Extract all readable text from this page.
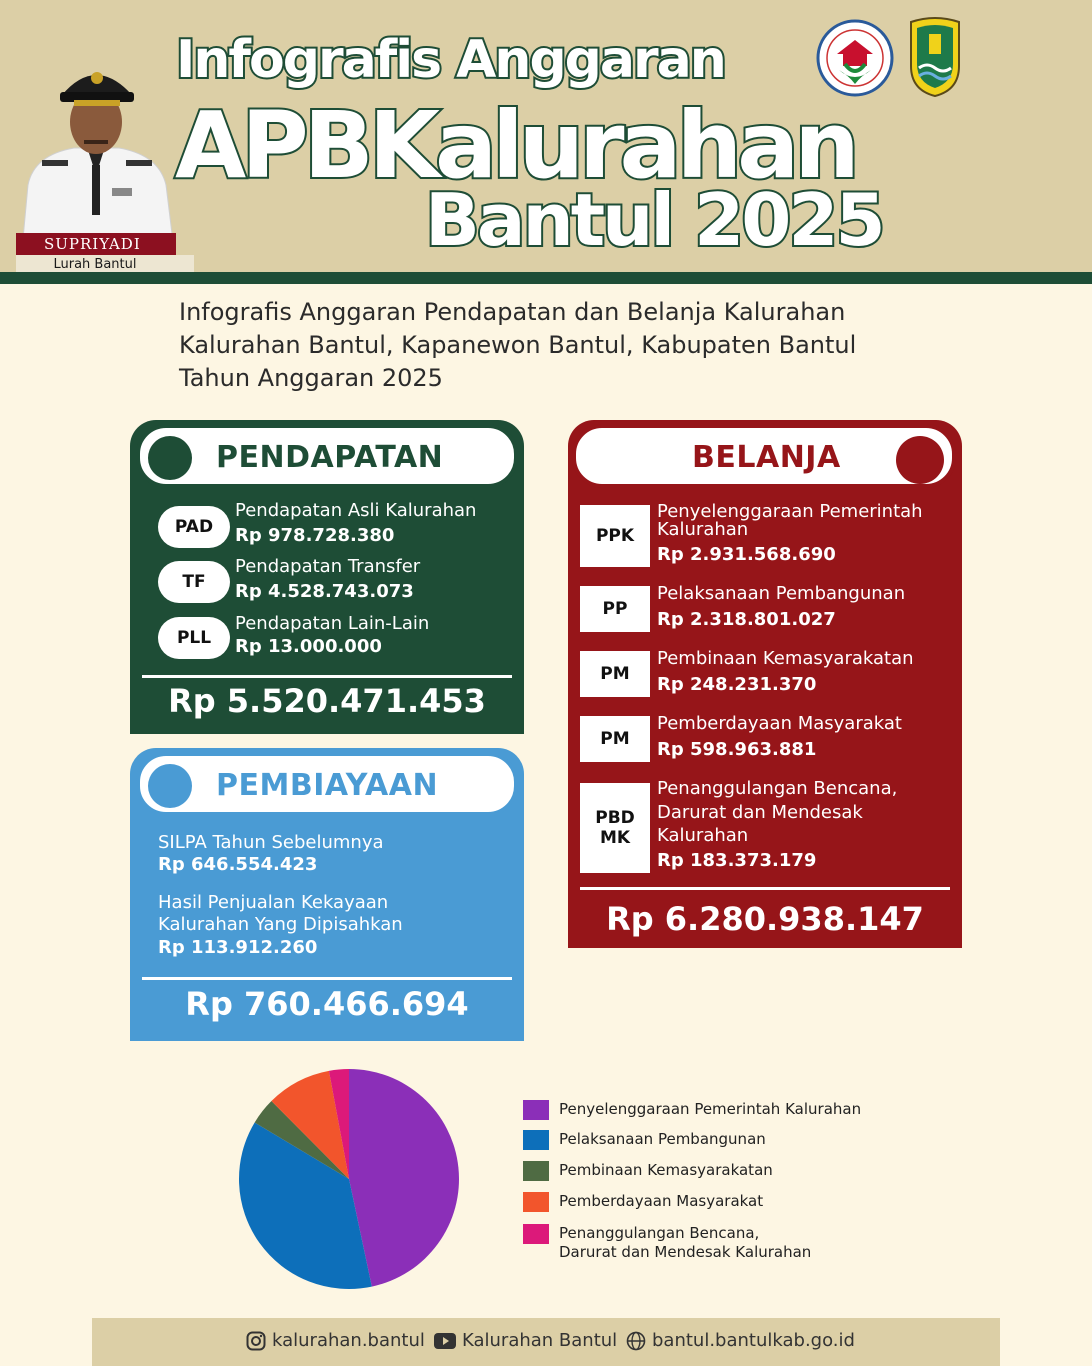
Infografis Anggaran
APBKalurahan
Bantul 2025
SUPRIYADI
Lurah Bantul
Infografis Anggaran Pendapatan dan Belanja Kalurahan
Kalurahan Bantul, Kapanewon Bantul, Kabupaten Bantul
Tahun Anggaran 2025
PENDAPATAN
PAD
Pendapatan Asli Kalurahan
Rp 978.728.380
TF
Pendapatan Transfer
Rp 4.528.743.073
PLL
Pendapatan Lain-Lain
Rp 13.000.000
Rp 5.520.471.453
PEMBIAYAAN
SILPA Tahun Sebelumnya
Rp 646.554.423
Hasil Penjualan Kekayaan
Kalurahan Yang Dipisahkan
Rp 113.912.260
Rp 760.466.694
BELANJA
PPK
Penyelenggaraan Pemerintah
Kalurahan
Rp 2.931.568.690
PP
Pelaksanaan Pembangunan
Rp 2.318.801.027
PM
Pembinaan Kemasyarakatan
Rp 248.231.370
PM
Pemberdayaan Masyarakat
Rp 598.963.881
PBD
MK
Penanggulangan Bencana,
Darurat dan Mendesak
Kalurahan
Rp 183.373.179
Rp 6.280.938.147
Penyelenggaraan Pemerintah Kalurahan
Pelaksanaan Pembangunan
Pembinaan Kemasyarakatan
Pemberdayaan Masyarakat
Penanggulangan Bencana,
Darurat dan Mendesak Kalurahan
kalurahan.bantul Kalurahan Bantul bantul.bantulkab.go.id
